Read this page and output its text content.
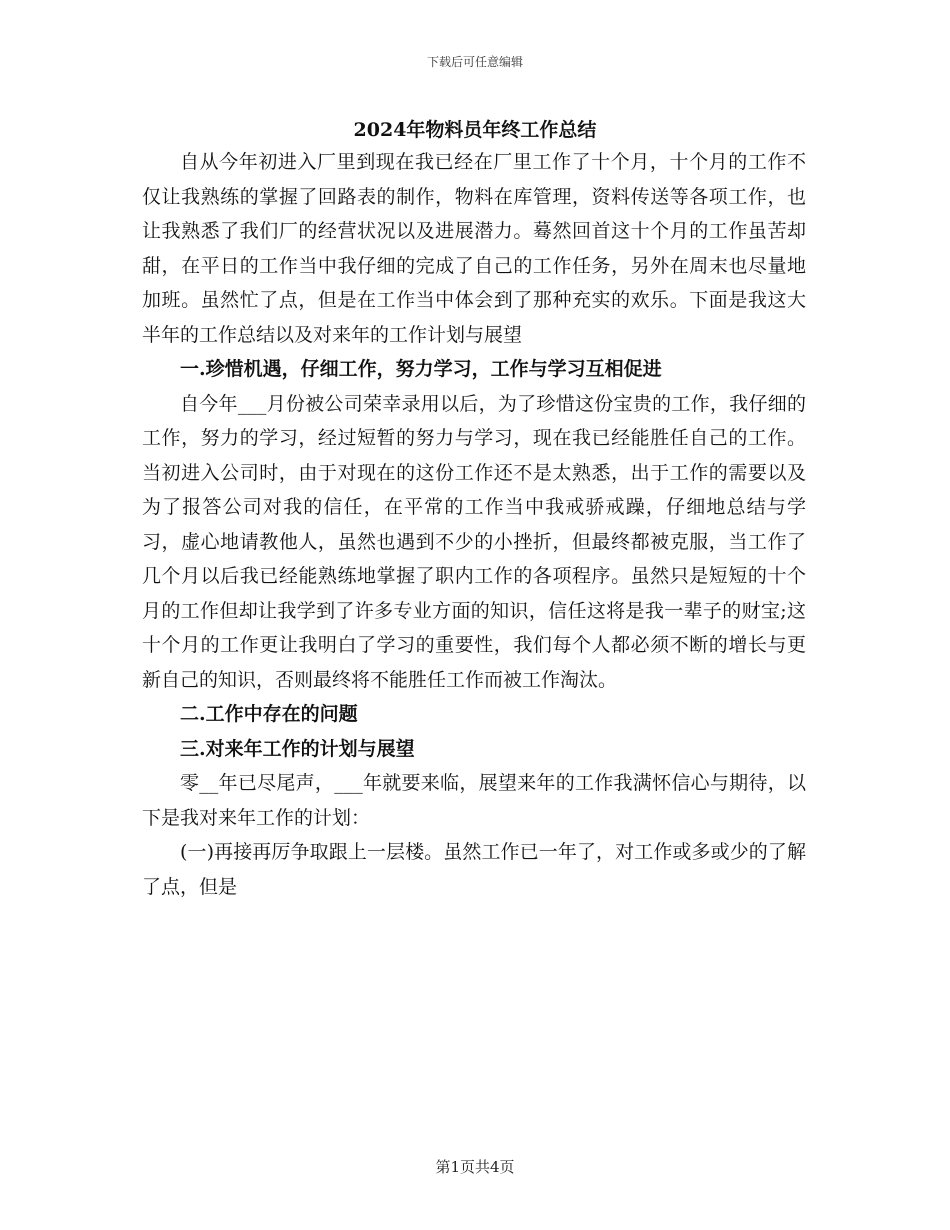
下载后可任意编辑
2024年物料员年终工作总结

自从今年初进入厂里到现在我已经在厂里工作了十个月，十个月的工作不仅让我熟练的掌握了回路表的制作，物料在库管理，资料传送等各项工作，也让我熟悉了我们厂的经营状况以及进展潜力。蓦然回首这十个月的工作虽苦却甜，在平日的工作当中我仔细的完成了自己的工作任务，另外在周末也尽量地加班。虽然忙了点，但是在工作当中体会到了那种充实的欢乐。下面是我这大半年的工作总结以及对来年的工作计划与展望

一.珍惜机遇，仔细工作，努力学习，工作与学习互相促进

自今年___月份被公司荣幸录用以后，为了珍惜这份宝贵的工作，我仔细的工作，努力的学习，经过短暂的努力与学习，现在我已经能胜任自己的工作。当初进入公司时，由于对现在的这份工作还不是太熟悉，出于工作的需要以及为了报答公司对我的信任，在平常的工作当中我戒骄戒躁，仔细地总结与学习，虚心地请教他人，虽然也遇到不少的小挫折，但最终都被克服，当工作了几个月以后我已经能熟练地掌握了职内工作的各项程序。虽然只是短短的十个月的工作但却让我学到了许多专业方面的知识，信任这将是我一辈子的财宝;这十个月的工作更让我明白了学习的重要性，我们每个人都必须不断的增长与更新自己的知识，否则最终将不能胜任工作而被工作淘汰。

二.工作中存在的问题

三.对来年工作的计划与展望

零__年已尽尾声，___年就要来临，展望来年的工作我满怀信心与期待，以下是我对来年工作的计划：

(一)再接再厉争取跟上一层楼。虽然工作已一年了，对工作或多或少的了解了点，但是

第1页共4页
